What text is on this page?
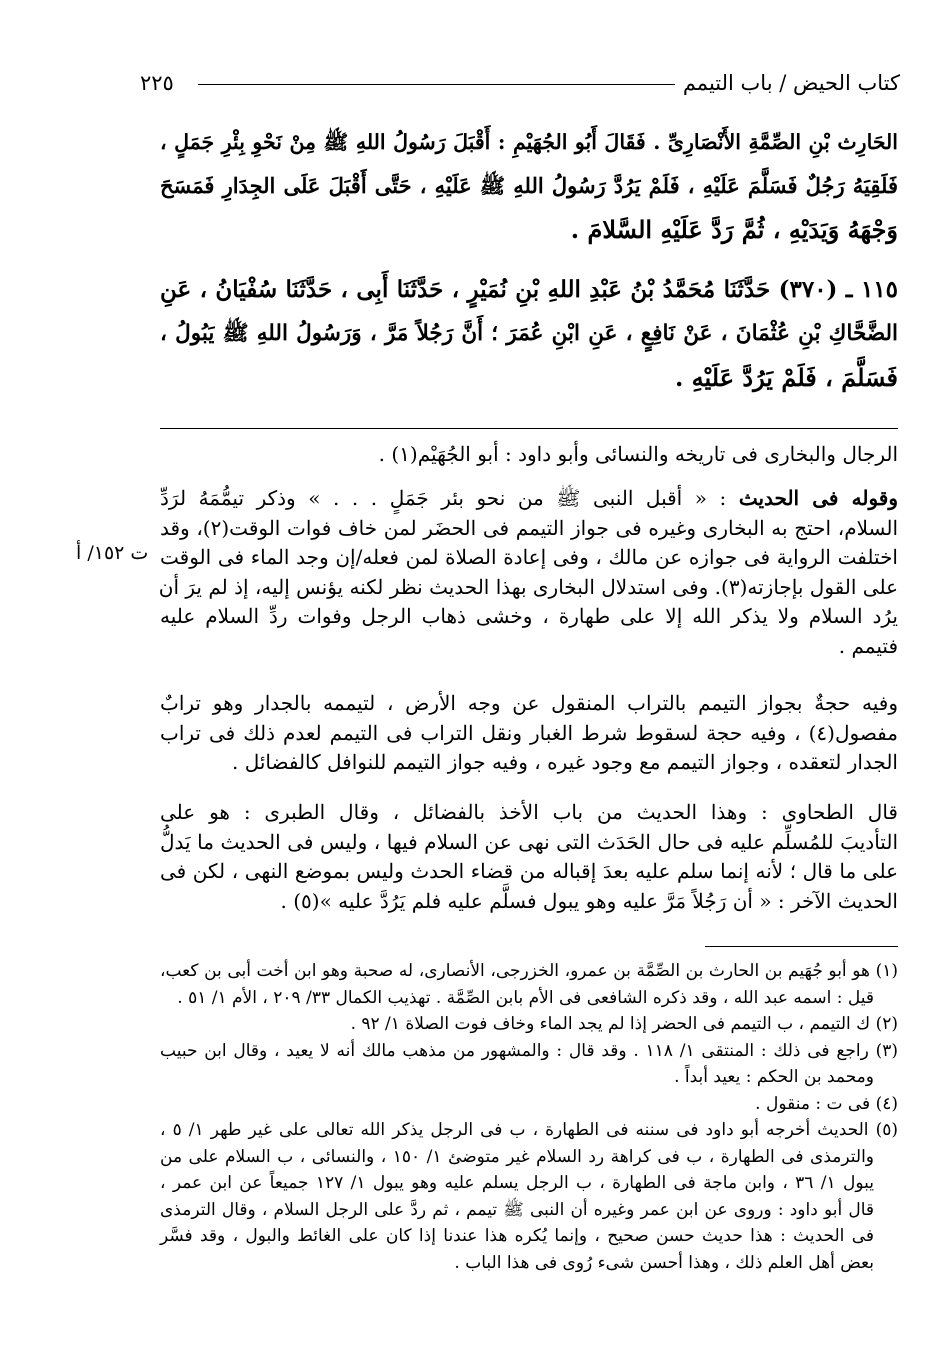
كتاب الحيض / باب التيمم
٢٢٥
الحَارِث بْنِ الصِّمَّةِ الأَنْصَارِىِّ . فَقَالَ أَبُو الجُهَيْمِ : أَقْبَلَ رَسُولُ اللهِ ﷺ مِنْ نَحْوِ بِئْرِ جَمَلٍ ،
فَلَقِيَهُ رَجُلٌ فَسَلَّمَ عَلَيْهِ ، فَلَمْ يَرُدَّ رَسُولُ اللهِ ﷺ عَلَيْهِ ، حَتَّى أَقْبَلَ عَلَى الجِدَارِ فَمَسَحَ
وَجْهَهُ وَيَدَيْهِ ، ثُمَّ رَدَّ عَلَيْهِ السَّلامَ .
١١٥ ـ (٣٧٠) حَدَّثَنَا مُحَمَّدُ بْنُ عَبْدِ اللهِ بْنِ نُمَيْرٍ ، حَدَّثَنَا أَبِى ، حَدَّثَنَا سُفْيَانُ ، عَنِ
الضَّحَّاكِ بْنِ عُثْمَانَ ، عَنْ نَافِعٍ ، عَنِ ابْنِ عُمَرَ ؛ أَنَّ رَجُلاً مَرَّ ، وَرَسُولُ اللهِ ﷺ يَبُولُ ،
فَسَلَّمَ ، فَلَمْ يَرُدَّ عَلَيْهِ .
الرجال والبخارى فى تاريخه والنسائى وأبو داود : أبو الجُهَيْم(١) .
وقوله فى الحديث : « أقبل النبى ﷺ من نحو بئر جَمَلٍ . . . » وذكر تيمُّمَهُ لرَدِّ
السلام، احتج به البخارى وغيره فى جواز التيمم فى الحضَر لمن خاف فوات الوقت(٢)، وقد
اختلفت الرواية فى جوازه عن مالك ، وفى إعادة الصلاة لمن فعله/إن وجد الماء فى الوقت
على القول بإجازته(٣). وفى استدلال البخارى بهذا الحديث نظر لكنه يؤنس إليه، إذ لم يرَ أن
يرُد السلام ولا يذكر الله إلا على طهارة ، وخشى ذهاب الرجل وفوات ردِّ السلام عليه
فتيمم .
ت ١٥٢/ أ
وفيه حجةٌ بجواز التيمم بالتراب المنقول عن وجه الأرض ، لتيممه بالجدار وهو ترابٌ
مفصول(٤) ، وفيه حجة لسقوط شرط الغبار ونقل التراب فى التيمم لعدم ذلك فى تراب
الجدار لتعقده ، وجواز التيمم مع وجود غيره ، وفيه جواز التيمم للنوافل كالفضائل .
قال الطحاوى : وهذا الحديث من باب الأخذ بالفضائل ، وقال الطبرى : هو على
التأديبَ للمُسلِّم عليه فى حال الحَدَث التى نهى عن السلام فيها ، وليس فى الحديث ما يَدلُّ
على ما قال ؛ لأنه إنما سلم عليه بعدَ إقباله من قضاء الحدث وليس بموضع النهى ، لكن فى
الحديث الآخر : « أن رَجُلاً مَرَّ عليه وهو يبول فسلَّم عليه فلم يَرُدَّ عليه »(٥) .
(١) هو أبو جُهَيم بن الحارث بن الصِّمَّة بن عمرو، الخزرجى، الأنصارى، له صحبة وهو ابن أخت أبى بن كعب،
قيل : اسمه عبد الله ، وقد ذكره الشافعى فى الأم بابن الصِّمَّة . تهذيب الكمال ٣٣/ ٢٠٩ ، الأم ١/ ٥١ .
(٢) ك التيمم ، ب التيمم فى الحضر إذا لم يجد الماء وخاف فوت الصلاة ١/ ٩٢ .
(٣) راجع فى ذلك : المنتقى ١/ ١١٨ . وقد قال : والمشهور من مذهب مالك أنه لا يعيد ، وقال ابن حبيب
ومحمد بن الحكم : يعيد أبداً .
(٤) فى ت : منقول .
(٥) الحديث أخرجه أبو داود فى سننه فى الطهارة ، ب فى الرجل يذكر الله تعالى على غير طهر ١/ ٥ ،
والترمذى فى الطهارة ، ب فى كراهة رد السلام غير متوضئ ١/ ١٥٠ ، والنسائى ، ب السلام على من
يبول ١/ ٣٦ ، وابن ماجة فى الطهارة ، ب الرجل يسلم عليه وهو يبول ١/ ١٢٧ جميعاً عن ابن عمر ،
قال أبو داود : وروى عن ابن عمر وغيره أن النبى ﷺ تيمم ، ثم ردَّ على الرجل السلام ، وقال الترمذى
فى الحديث : هذا حديث حسن صحيح ، وإنما يُكره هذا عندنا إذا كان على الغائط والبول ، وقد فسَّر
بعض أهل العلم ذلك ، وهذا أحسن شىء رُوى فى هذا الباب .
